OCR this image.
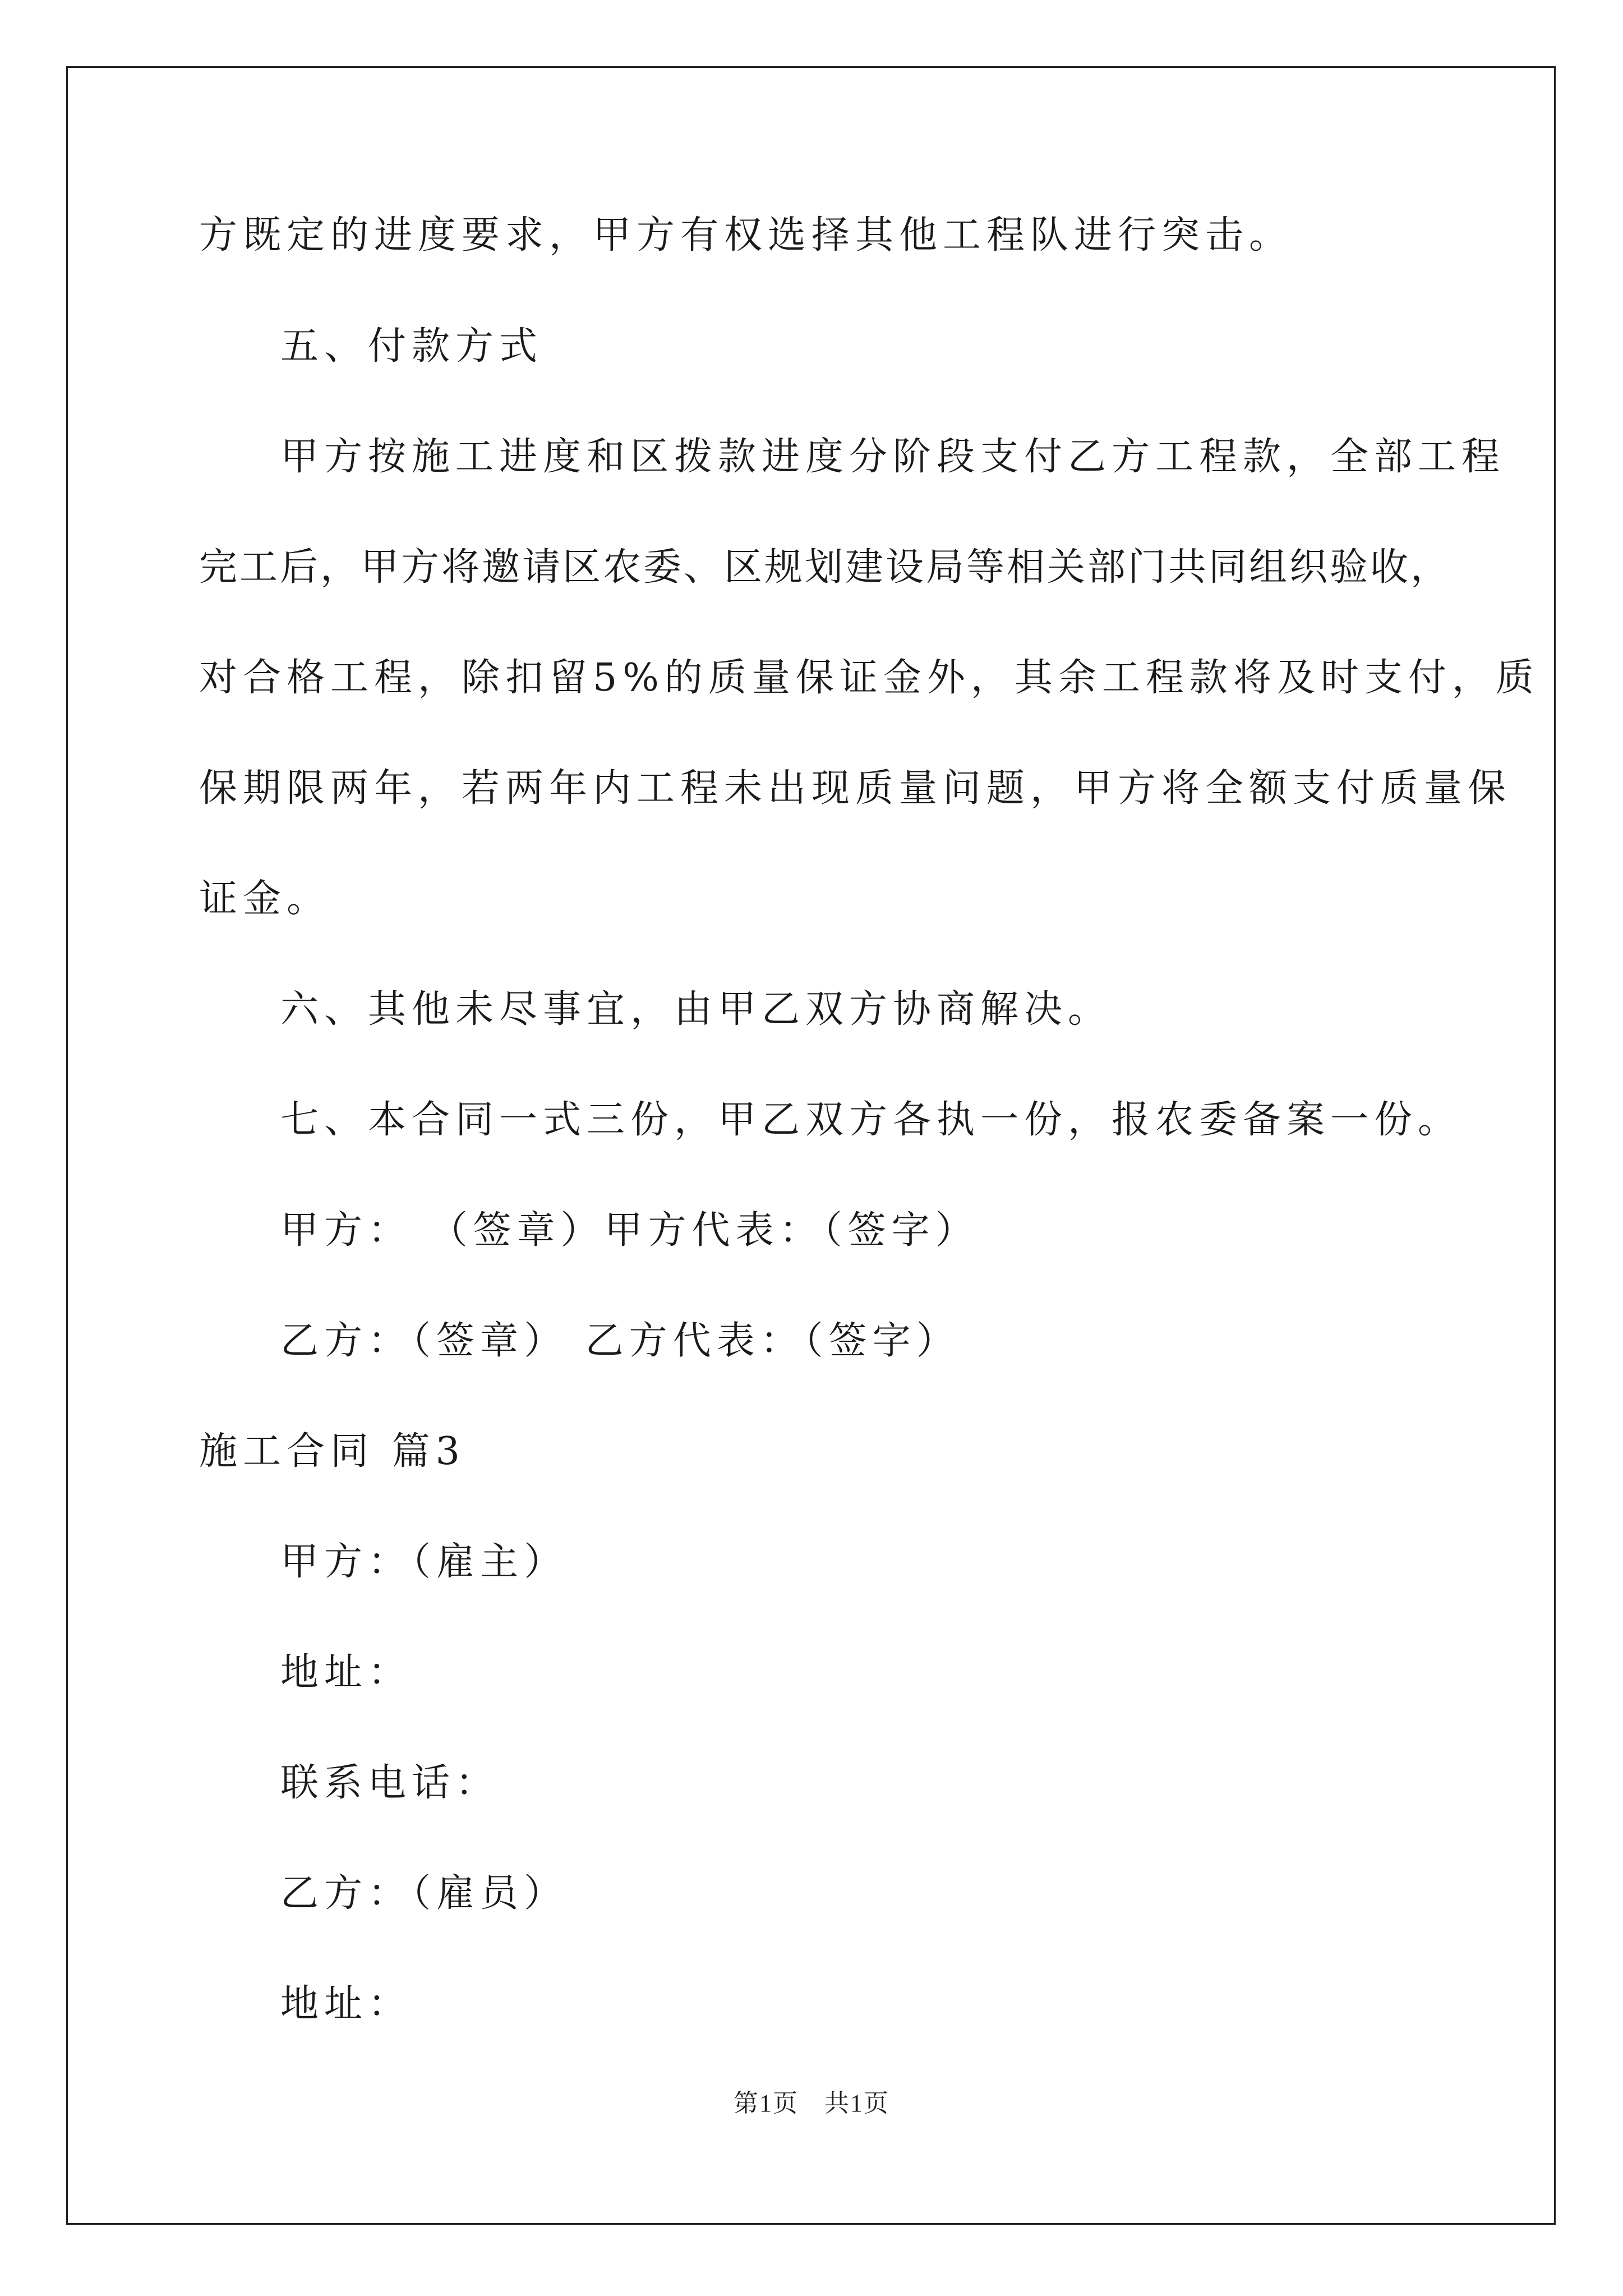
方既定的进度要求，甲方有权选择其他工程队进行突击。
五、付款方式
甲方按施工进度和区拨款进度分阶段支付乙方工程款，全部工程
完工后，甲方将邀请区农委、区规划建设局等相关部门共同组织验收，
对合格工程，除扣留5%的质量保证金外，其余工程款将及时支付，质
保期限两年，若两年内工程未出现质量问题，甲方将全额支付质量保
证金。
六、其他未尽事宜，由甲乙双方协商解决。
七、本合同一式三份，甲乙双方各执一份，报农委备案一份。
甲方： （签章）甲方代表：（签字）
乙方：（签章） 乙方代表：（签字）
施工合同 篇3
甲方：（雇主）
地址：
联系电话：
乙方：（雇员）
地址：
第1页　共1页
